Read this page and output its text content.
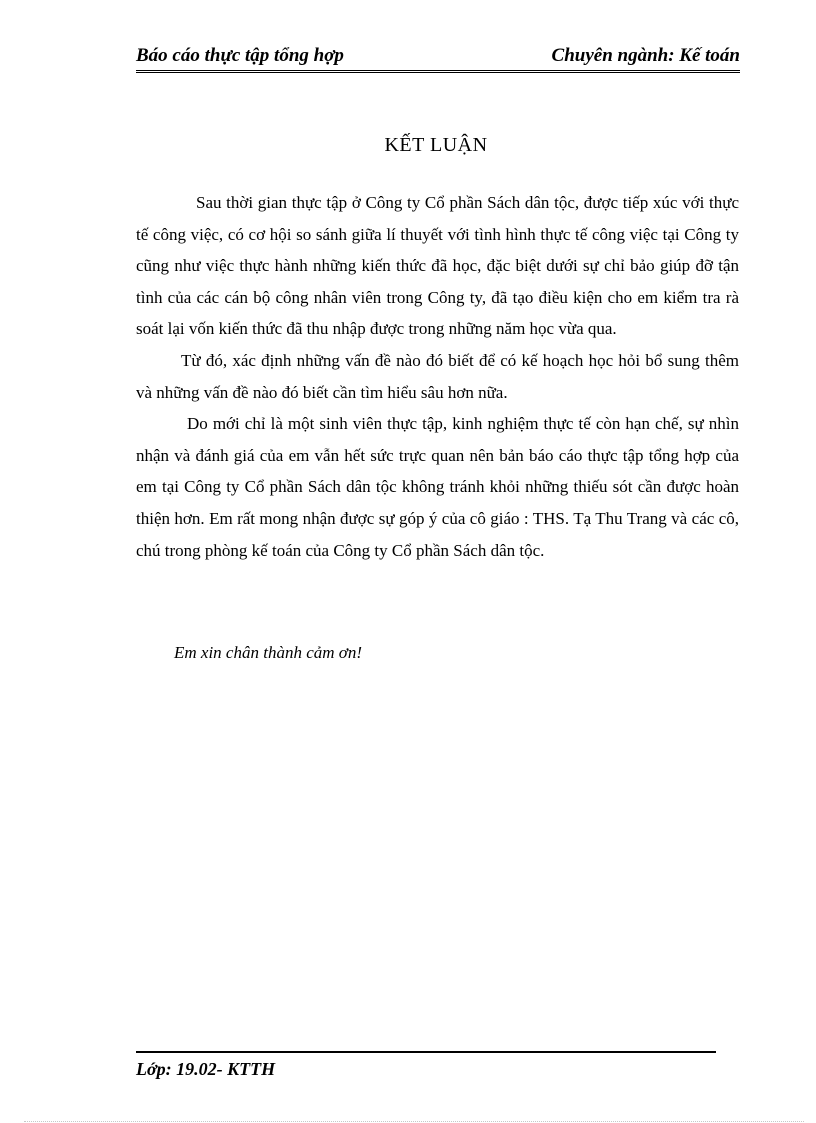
Báo cáo thực tập tổng hợp	Chuyên ngành: Kế toán
KẾT LUẬN

Sau thời gian thực tập ở Công ty Cổ phần Sách dân tộc, được tiếp xúc với thực tế công việc, có cơ hội so sánh giữa lí thuyết với tình hình thực tế công việc tại Công ty cũng như việc thực hành những kiến thức đã học, đặc biệt dưới sự chỉ bảo giúp đỡ tận tình của các cán bộ công nhân viên trong Công ty, đã tạo điều kiện cho em kiểm tra rà soát lại vốn kiến thức đã thu nhập được trong những năm học vừa qua.

Từ đó, xác định những vấn đề nào đó biết để có kế hoạch học hỏi bổ sung thêm và những vấn đề nào đó biết cần tìm hiểu sâu hơn nữa.

Do mới chỉ là một sinh viên thực tập, kinh nghiệm thực tế còn hạn chế, sự nhìn nhận và đánh giá của em vẫn hết sức trực quan nên bản báo cáo thực tập tổng hợp của em tại Công ty Cổ phần Sách dân tộc không tránh khỏi những thiếu sót cần được hoàn thiện hơn. Em rất mong nhận được sự góp ý của cô giáo : THS. Tạ Thu Trang và các cô, chú trong phòng kế toán của Công ty Cổ phần Sách dân tộc.

Em xin chân thành cảm ơn!
Lớp: 19.02- KTTH
